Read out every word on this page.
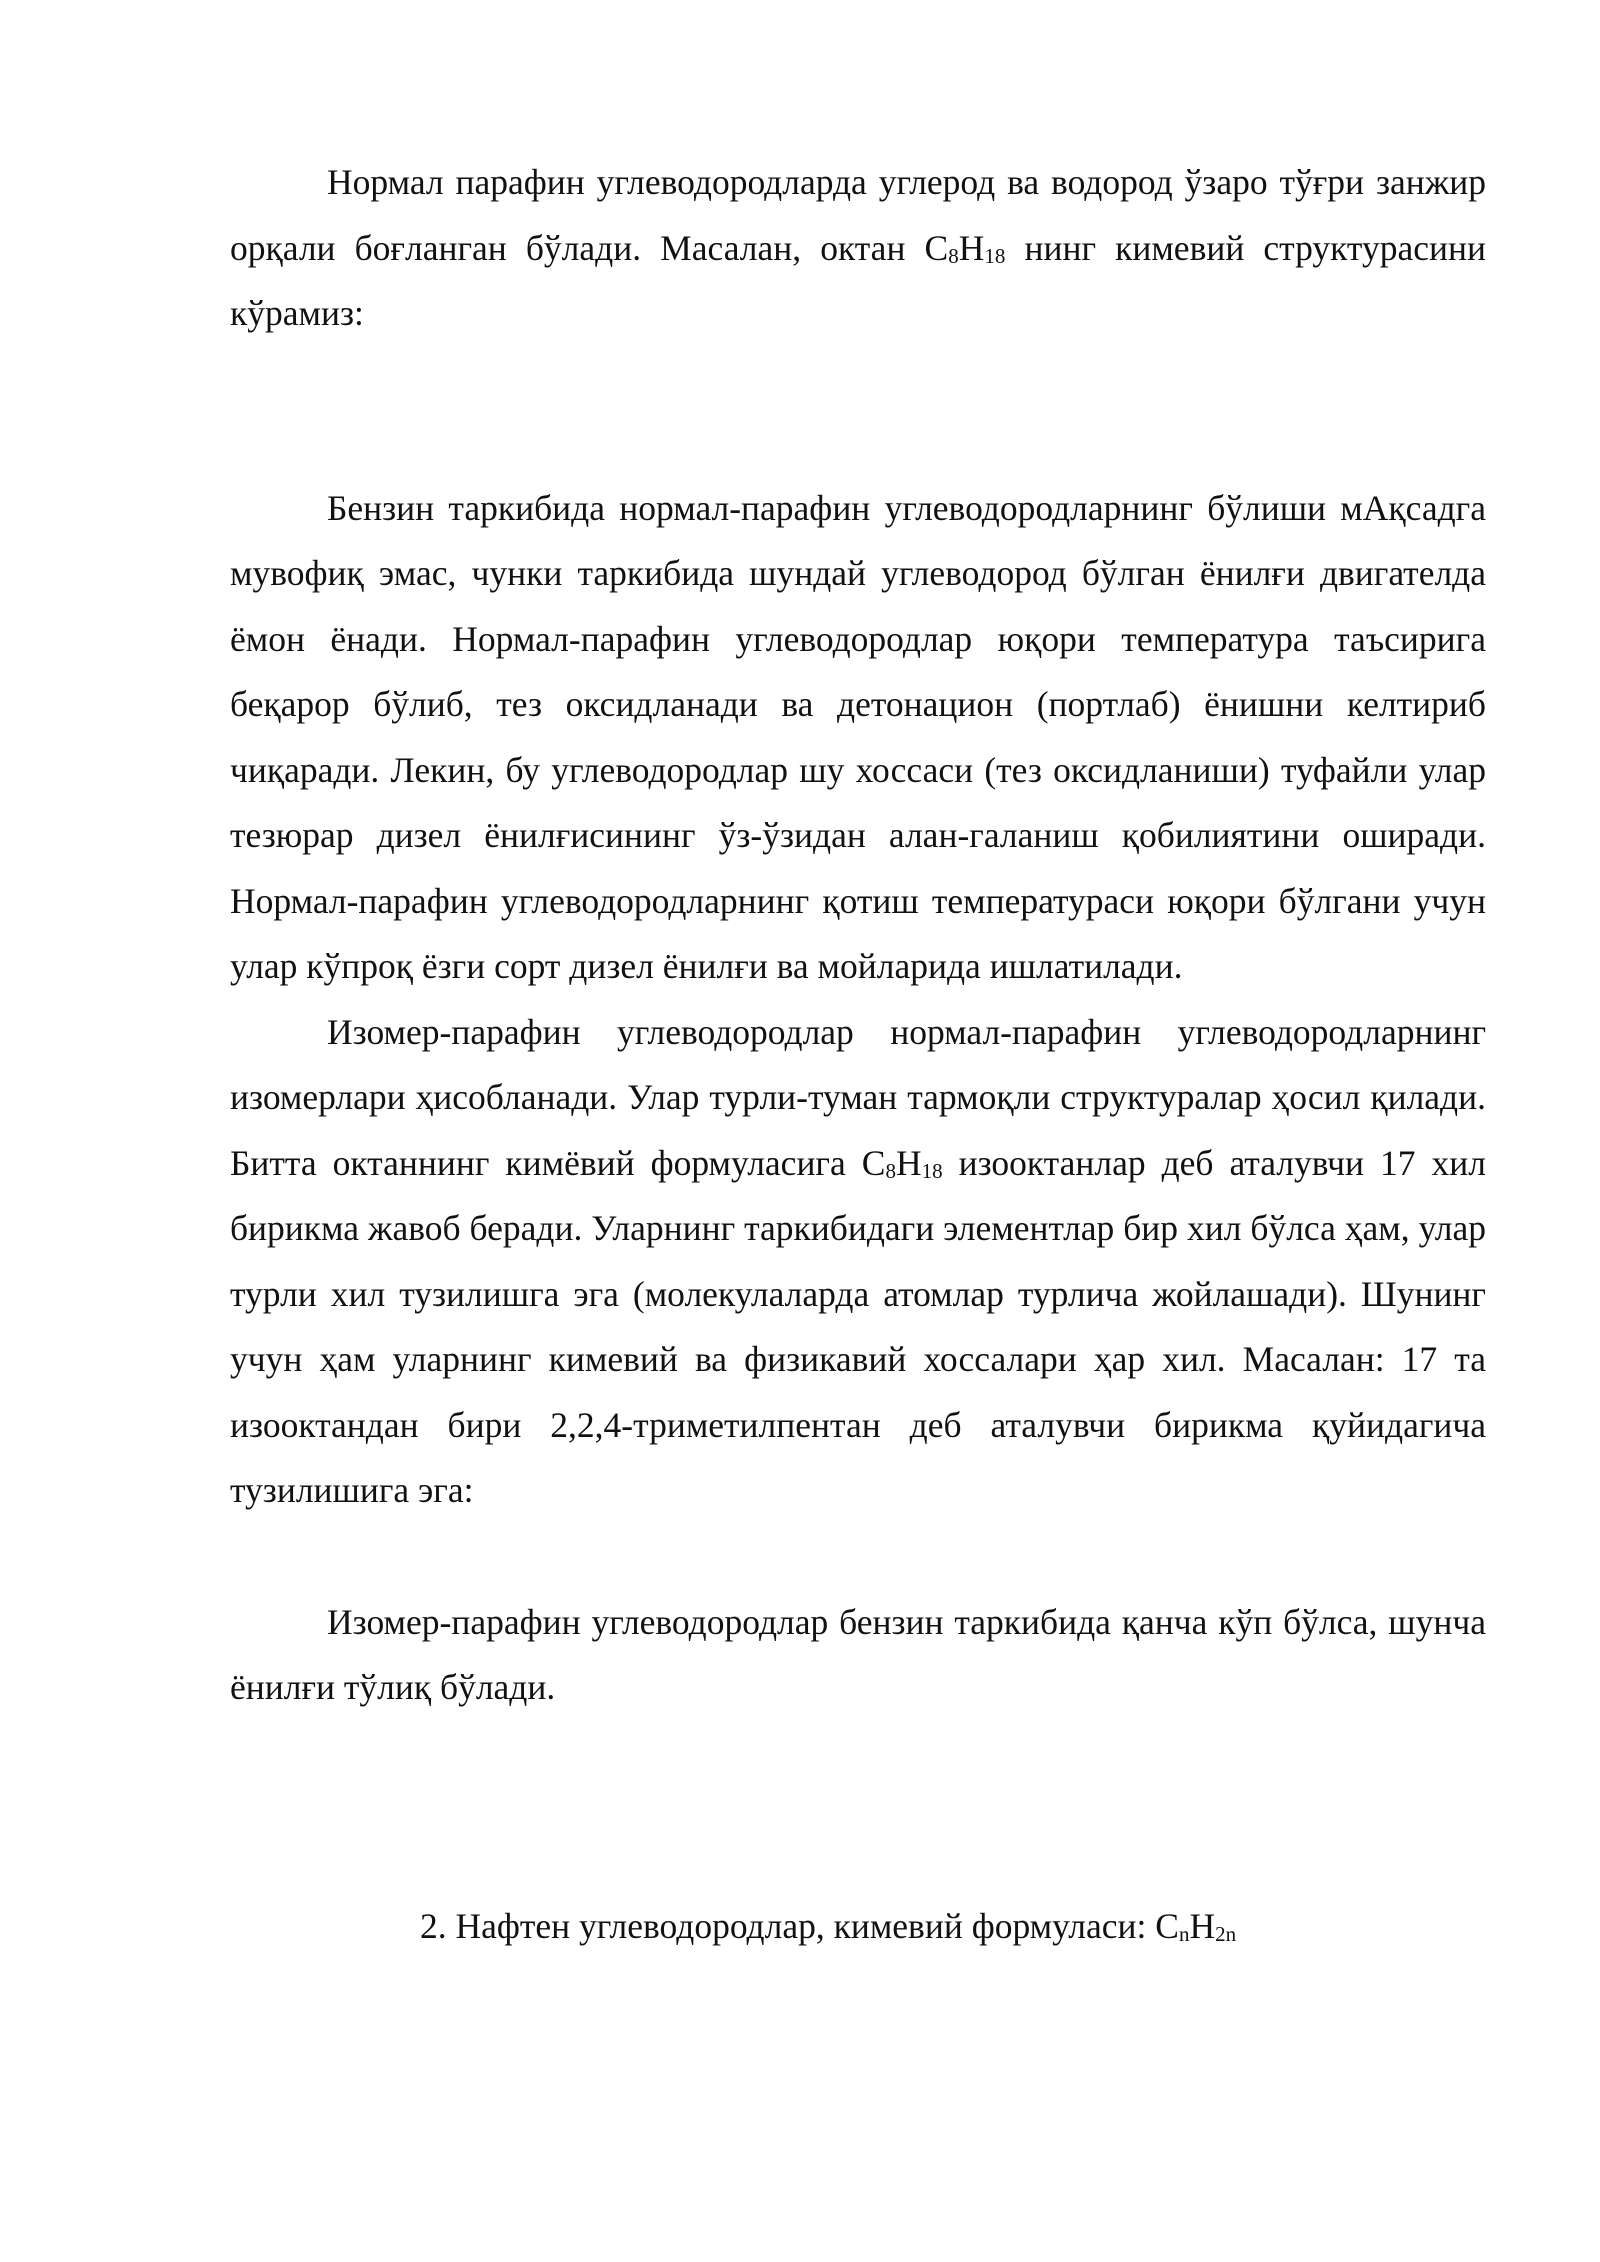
Нормал парафин углеводородларда углерод ва водород ўзаро тўғри занжир орқали боғланган бўлади. Масалан, октан $C_8H_{18}$ нинг кимевий структурасини кўрамиз:

Бензин таркибида нормал-парафин углеводородларнинг бўлиши мАқсадга мувофиқ эмас, чунки таркибида шундай углеводород бўлган ёнилғи двигателда ёмон ёнади. Нормал-парафин углеводородлар юқори температура таъсирига беқарор бўлиб, тез оксидланади ва детонацион (портлаб) ёнишни келтириб чиқаради. Лекин, бу углеводородлар шу хоссаси (тез оксидланиши) туфайли улар тезюрар дизел ёнилғисининг ўз-ўзидан алан-галаниш қобилиятини оширади. Нормал-парафин углеводородларнинг қотиш температураси юқори бўлгани учун улар кўпроқ ёзги сорт дизел ёнилғи ва мойларида ишлатилади.

Изомер-парафин углеводородлар нормал-парафин углеводородларнинг изомерлари ҳисобланади. Улар турли-туман тармоқли структуралар ҳосил қилади. Битта октаннинг кимёвий формуласига $C_8H_{18}$ изооктанлар деб аталувчи 17 хил бирикма жавоб беради. Уларнинг таркибидаги элементлар бир хил бўлса ҳам, улар турли хил тузилишга эга (молекулаларда атомлар турлича жойлашади). Шунинг учун ҳам уларнинг кимевий ва физикавий хоссалари ҳар хил. Масалан: 17 та изооктандан бири 2,2,4-триметилпентан деб аталувчи бирикма қуйидагича тузилишига эга:

Изомер-парафин углеводородлар бензин таркибида қанча кўп бўлса, шунча ёнилғи тўлиқ бўлади.

2. Нафтен углеводородлар, кимевий формуласи: $C_nH_{2n}$
